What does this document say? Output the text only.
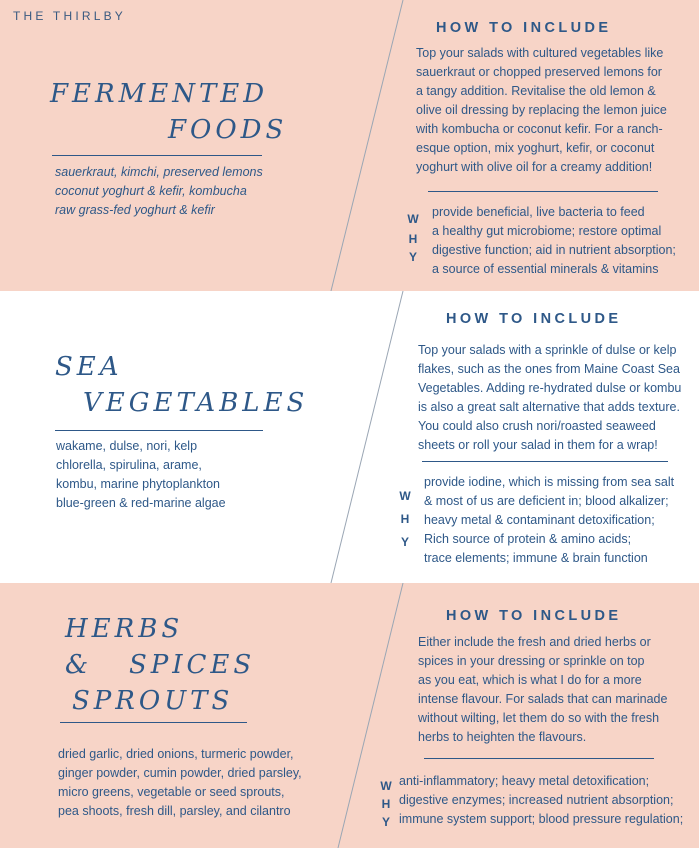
THE THIRLBY

FERMENTED
FOODS
sauerkraut, kimchi, preserved lemons
coconut yoghurt & kefir, kombucha
raw grass-fed yoghurt & kefir
HOW TO INCLUDE
Top your salads with cultured vegetables like
sauerkraut or chopped preserved lemons for
a tangy addition. Revitalise the old lemon &
olive oil dressing by replacing the lemon juice
with kombucha or coconut kefir. For a ranch-
esque option, mix yoghurt, kefir, or coconut
yoghurt with olive oil for a creamy addition!
W
H
Y
provide beneficial, live bacteria to feed
a healthy gut microbiome; restore optimal
digestive function; aid in nutrient absorption;
a source of essential minerals & vitamins
SEA
VEGETABLES
wakame, dulse, nori, kelp
chlorella, spirulina, arame,
kombu, marine phytoplankton
blue-green & red-marine algae
HOW TO INCLUDE
Top your salads with a sprinkle of dulse or kelp
flakes, such as the ones from Maine Coast Sea
Vegetables. Adding re-hydrated dulse or kombu
is also a great salt alternative that adds texture.
You could also crush nori/roasted seaweed
sheets or roll your salad in them for a wrap!
W
H
Y
provide iodine, which is missing from sea salt
& most of us are deficient in; blood alkalizer;
heavy metal & contaminant detoxification;
Rich source of protein & amino acids;
trace elements; immune & brain function
HERBS
&   SPICES
SPROUTS
dried garlic, dried onions, turmeric powder,
ginger powder, cumin powder, dried parsley,
micro greens, vegetable or seed sprouts,
pea shoots, fresh dill, parsley, and cilantro
HOW TO INCLUDE
Either include the fresh and dried herbs or
spices in your dressing or sprinkle on top
as you eat, which is what I do for a more
intense flavour. For salads that can marinade
without wilting, let them do so with the fresh
herbs to heighten the flavours.
W
H
Y
anti-inflammatory; heavy metal detoxification;
digestive enzymes; increased nutrient absorption;
immune system support; blood pressure regulation;
